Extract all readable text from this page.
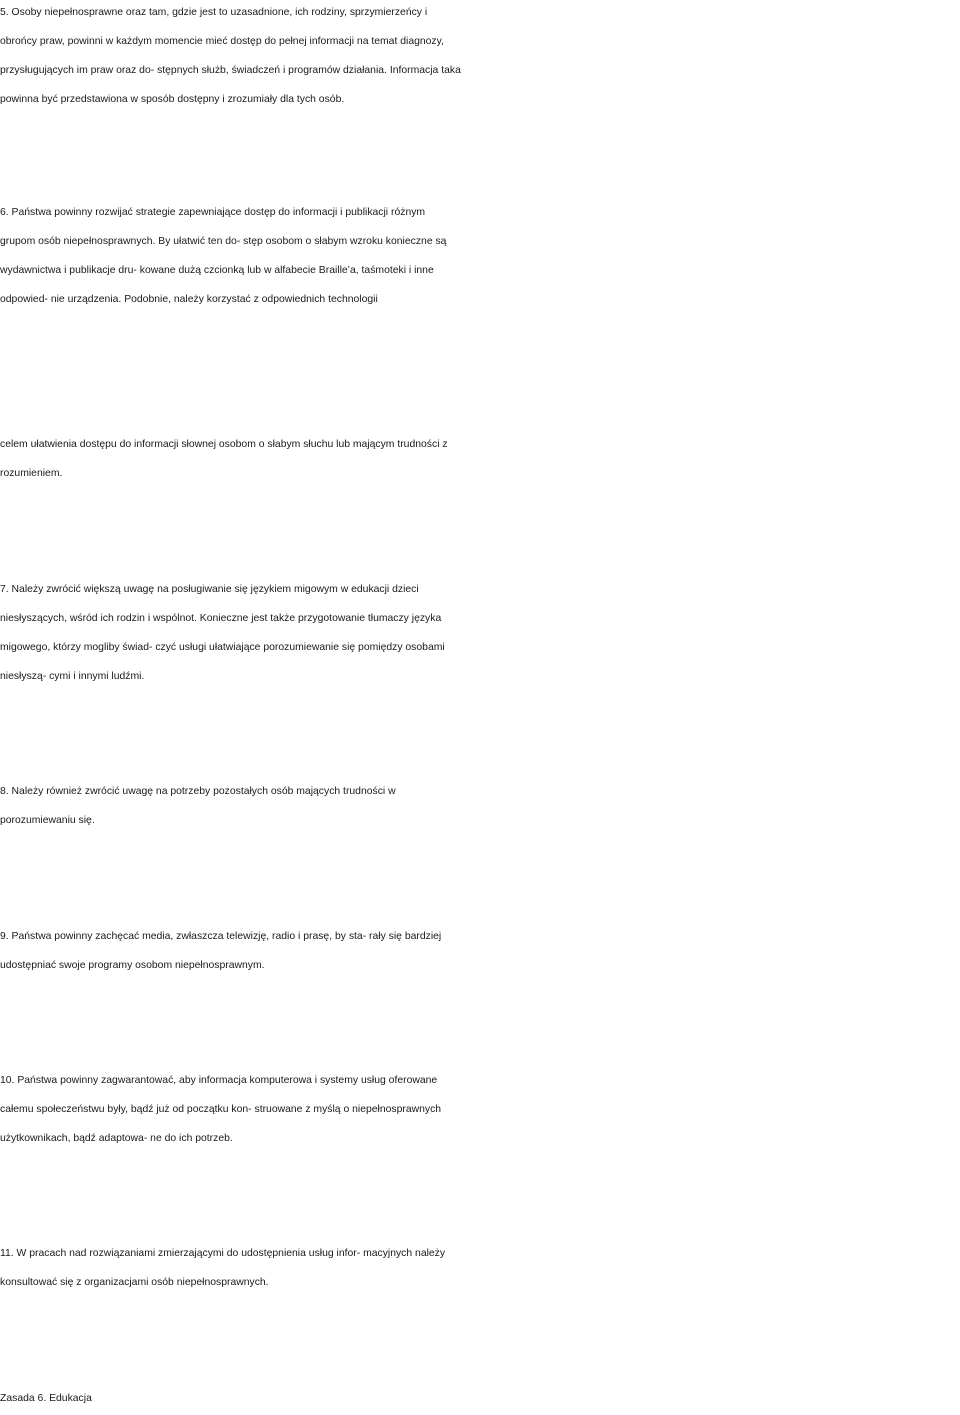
5. Osoby niepełnosprawne oraz tam, gdzie jest to uzasadnione, ich rodziny, sprzymierzeńcy i
obrońcy praw, powinni w każdym momencie mieć dostęp do pełnej informacji na temat diagnozy,
przysługujących im praw oraz do- stępnych służb, świadczeń i programów działania. Informacja taka
powinna być przedstawiona w sposób dostępny i zrozumiały dla tych osób.

6. Państwa powinny rozwijać strategie zapewniające dostęp do informacji i publikacji różnym
grupom osób niepełnosprawnych. By ułatwić ten do- stęp osobom o słabym wzroku konieczne są
wydawnictwa i publikacje dru- kowane dużą czcionką lub w alfabecie Braille’a, taśmoteki i inne
odpowied- nie urządzenia. Podobnie, należy korzystać z odpowiednich technologii

celem ułatwienia dostępu do informacji słownej osobom o słabym słuchu lub mającym trudności z
rozumieniem.

7. Należy zwrócić większą uwagę na posługiwanie się językiem migowym w edukacji dzieci
niesłyszących, wśród ich rodzin i wspólnot. Konieczne jest także przygotowanie tłumaczy języka
migowego, którzy mogliby świad- czyć usługi ułatwiające porozumiewanie się pomiędzy osobami
niesłyszą- cymi i innymi ludźmi.

8. Należy również zwrócić uwagę na potrzeby pozostałych osób mających trudności w
porozumiewaniu się.

9. Państwa powinny zachęcać media, zwłaszcza telewizję, radio i prasę, by sta- rały się bardziej
udostępniać swoje programy osobom niepełnosprawnym.

10. Państwa powinny zagwarantować, aby informacja komputerowa i systemy usług oferowane
całemu społeczeństwu były, bądź już od początku kon- struowane z myślą o niepełnosprawnych
użytkownikach, bądź adaptowa- ne do ich potrzeb.

11. W pracach nad rozwiązaniami zmierzającymi do udostępnienia usług infor- macyjnych należy
konsultować się z organizacjami osób niepełnosprawnych.

Zasada 6. Edukacja
